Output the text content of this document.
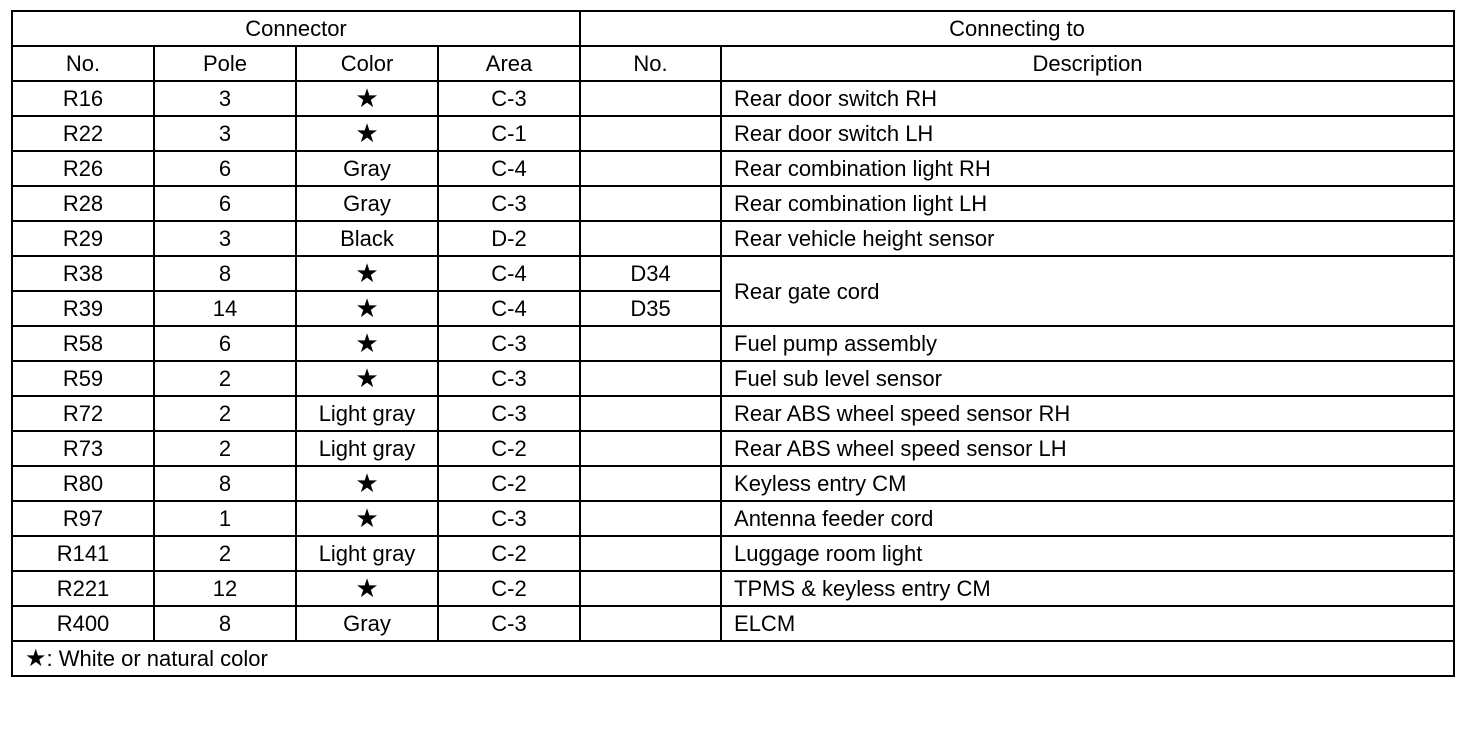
Connector				Connecting to	
No.	Pole	Color	Area	No.	Description
R16	3	★	C-3		Rear door switch RH
R22	3	★	C-1		Rear door switch LH
R26	6	Gray	C-4		Rear combination light RH
R28	6	Gray	C-3		Rear combination light LH
R29	3	Black	D-2		Rear vehicle height sensor
R38	8	★	C-4	D34	Rear gate cord
R39	14	★	C-4	D35	
R58	6	★	C-3		Fuel pump assembly
R59	2	★	C-3		Fuel sub level sensor
R72	2	Light gray	C-3		Rear ABS wheel speed sensor RH
R73	2	Light gray	C-2		Rear ABS wheel speed sensor LH
R80	8	★	C-2		Keyless entry CM
R97	1	★	C-3		Antenna feeder cord
R141	2	Light gray	C-2		Luggage room light
R221	12	★	C-2		TPMS & keyless entry CM
R400	8	Gray	C-3		ELCM
★: White or natural color					
